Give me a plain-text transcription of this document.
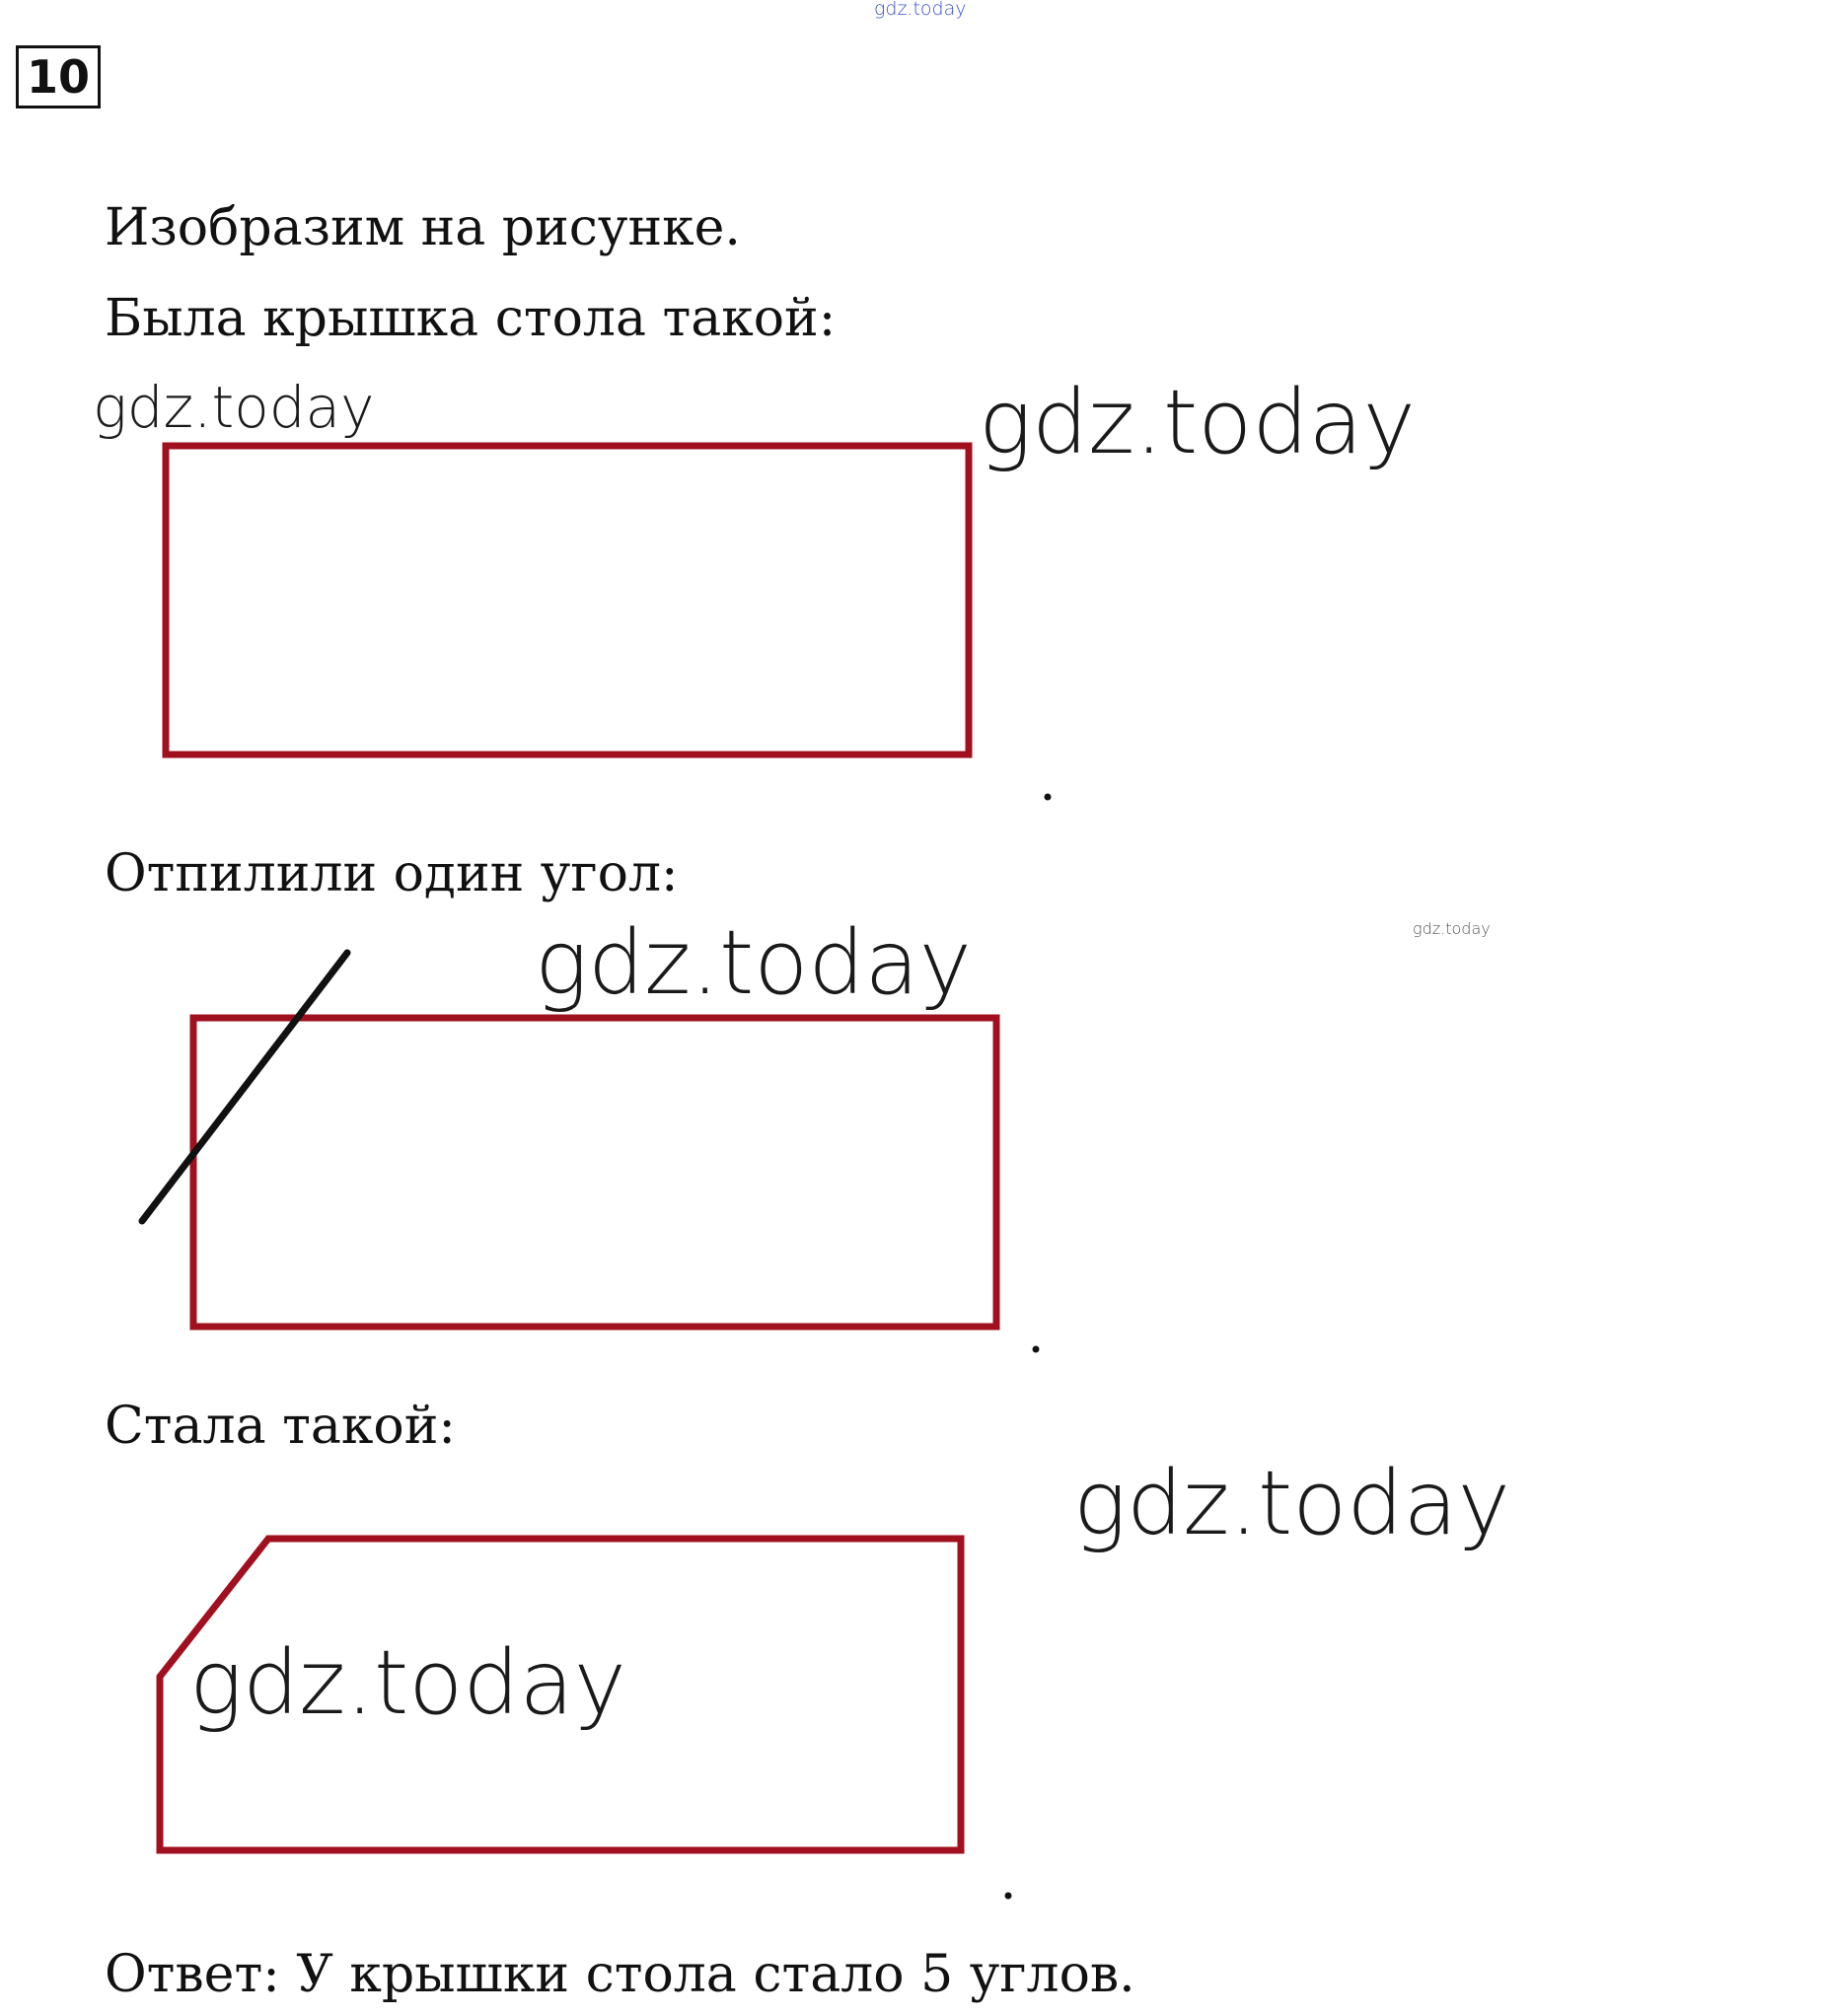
gdz.today
10
Изобразим на рисунке.
Была крышка стола такой:
gdz.today	gdz.today
Отпилили один угол:
gdz.today	gdz.today
Стала такой:
gdz.today
Ответ: У крышки стола стало 5 углов.
gdz.today
